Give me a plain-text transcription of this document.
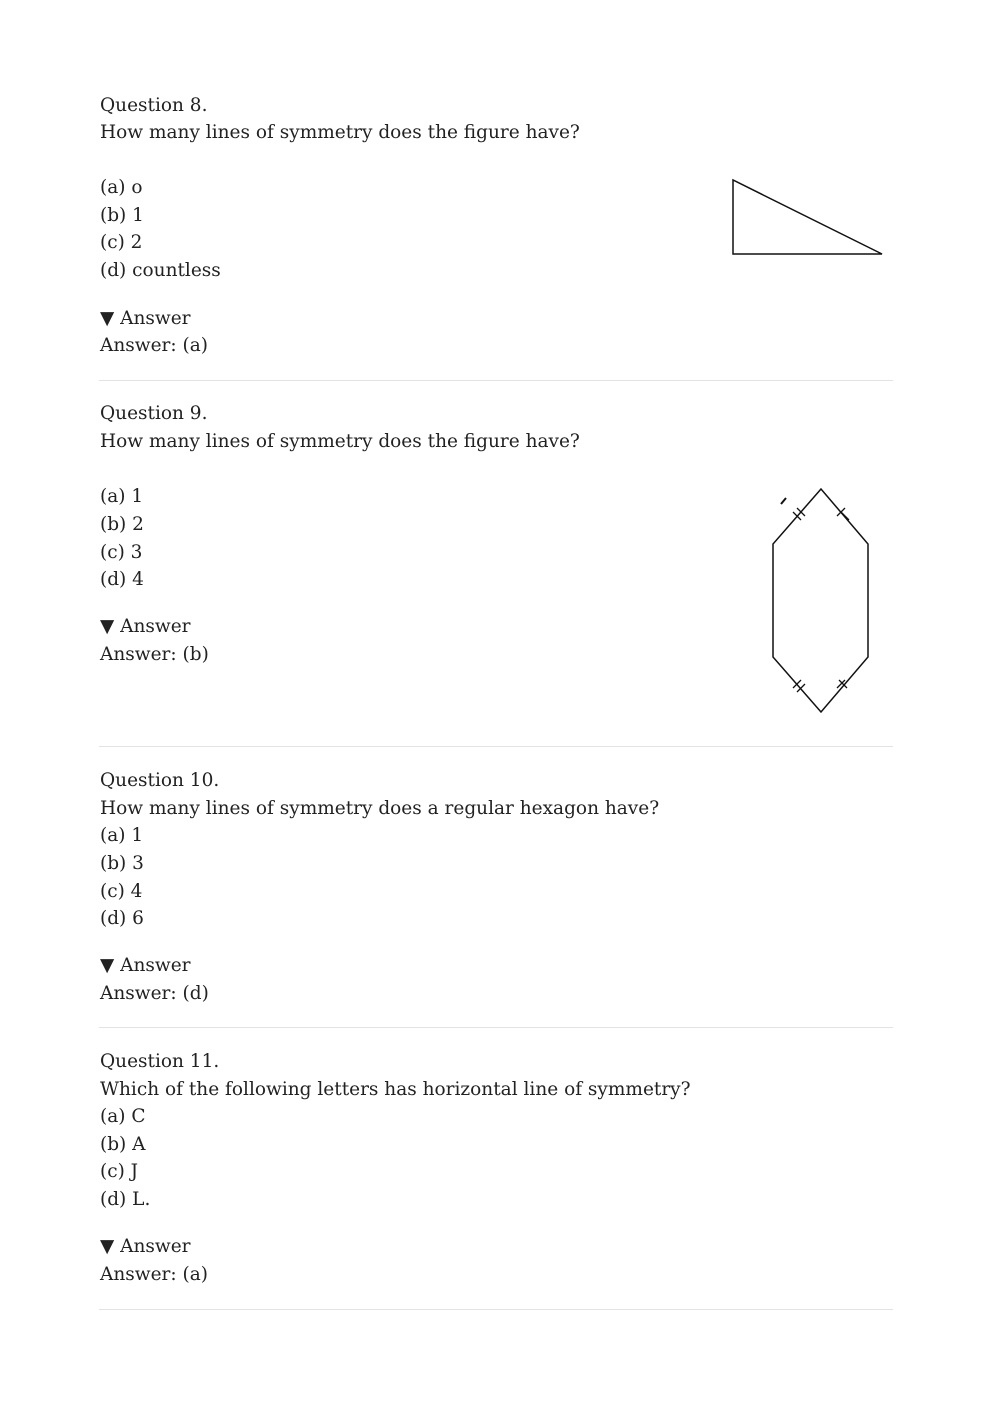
Question 8.
How many lines of symmetry does the figure have?
(a) o
(b) 1
(c) 2
(d) countless
▼ Answer
Answer: (a)
Question 9.
How many lines of symmetry does the figure have?
(a) 1
(b) 2
(c) 3
(d) 4
▼ Answer
Answer: (b)
Question 10.
How many lines of symmetry does a regular hexagon have?
(a) 1
(b) 3
(c) 4
(d) 6
▼ Answer
Answer: (d)
Question 11.
Which of the following letters has horizontal line of symmetry?
(a) C
(b) A
(c) J
(d) L.
▼ Answer
Answer: (a)
